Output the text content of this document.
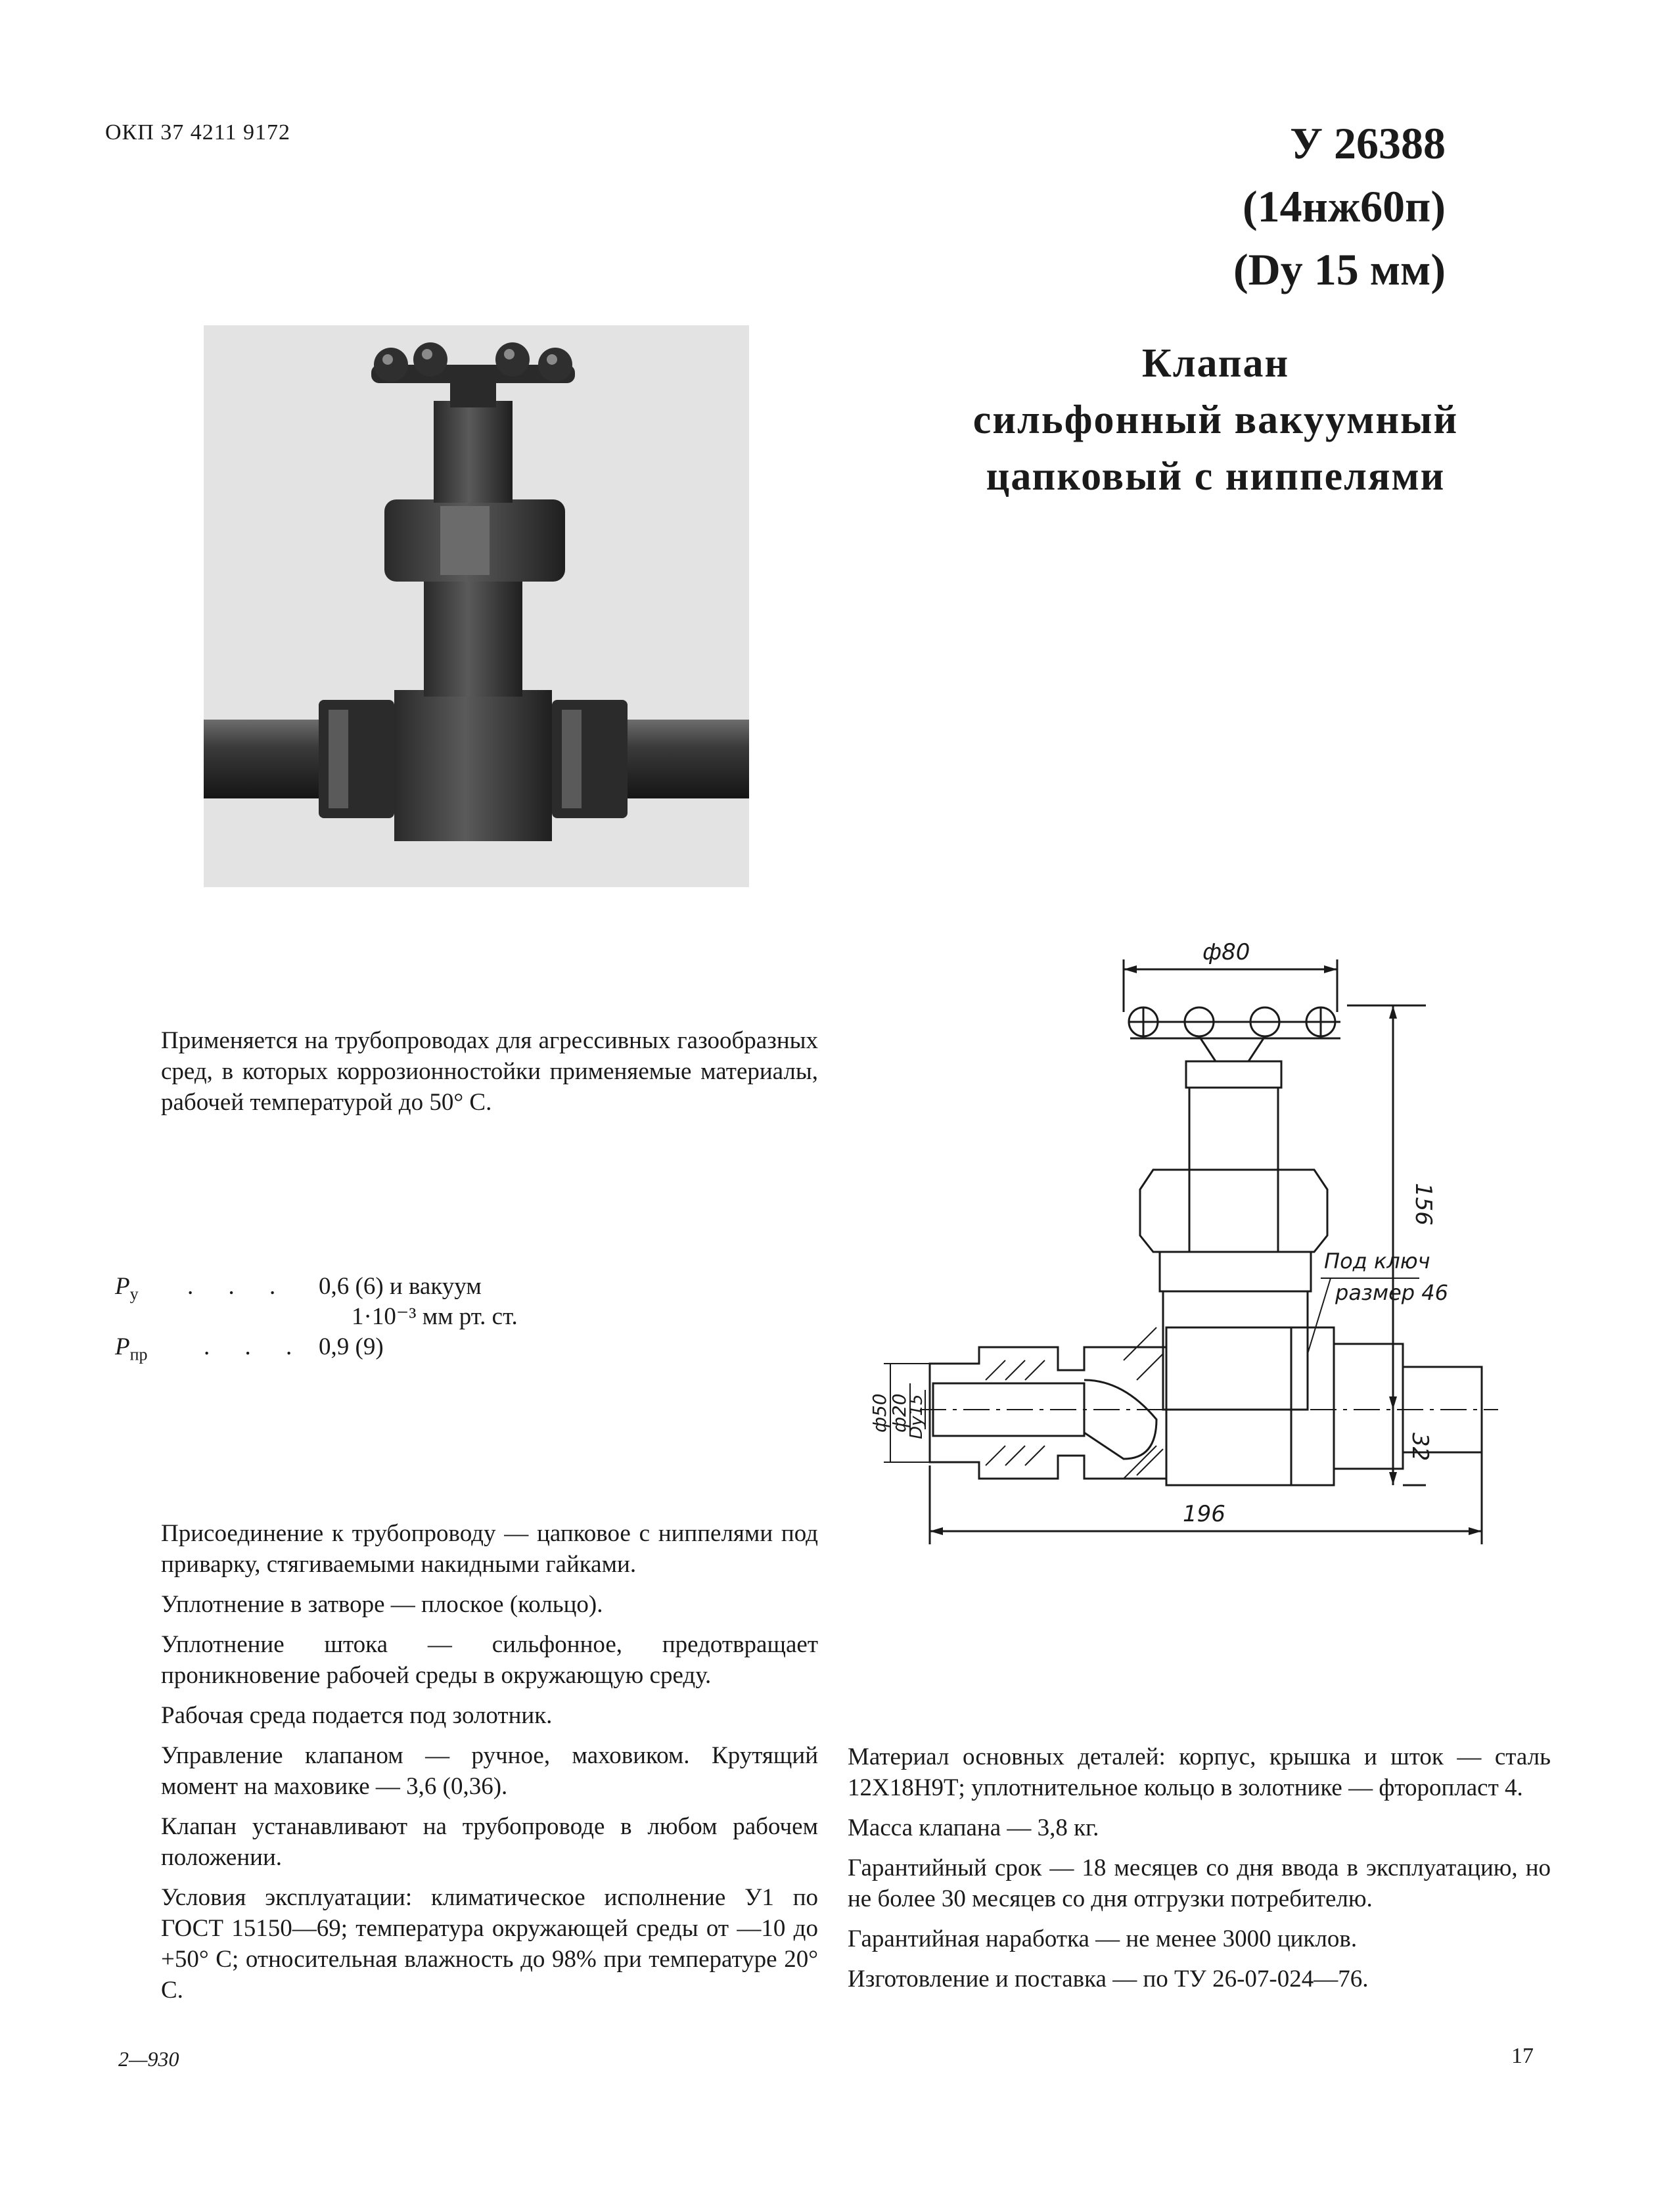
ОКП 37 4211 9172	У 26388
(14нж60п)
(Dy 15 мм)
Клапан
сильфонный вакуумный
цапковый с ниппелями

Применяется на трубопроводах для агрессивных газообразных сред, в которых коррозионностойки применяемые материалы, рабочей температурой до 50° С.

$P_у$ . . . 0,6 (6) и вакуум
1·10⁻³ мм рт. ст.
$P_{пр}$ . . . 0,9 (9)
ф80
156
32
Под ключ
размер 46
196
ф50
ф20
Dy15

Присоединение к трубопроводу — цапковое с ниппелями под приварку, стягиваемыми накидными гайками.

Уплотнение в затворе — плоское (кольцо).

Уплотнение штока — сильфонное, предотвращает проникновение рабочей среды в окружающую среду.

Рабочая среда подается под золотник.

Управление клапаном — ручное, маховиком. Крутящий момент на маховике — 3,6 (0,36).

Клапан устанавливают на трубопроводе в любом рабочем положении.

Условия эксплуатации: климатическое исполнение У1 по ГОСТ 15150—69; температура окружающей среды от —10 до +50° С; относительная влажность до 98% при температуре 20° С.

Материал основных деталей: корпус, крышка и шток — сталь 12Х18Н9Т; уплотнительное кольцо в золотнике — фторопласт 4.

Масса клапана — 3,8 кг.

Гарантийный срок — 18 месяцев со дня ввода в эксплуатацию, но не более 30 месяцев со дня отгрузки потребителю.

Гарантийная наработка — не менее 3000 циклов.

Изготовление и поставка — по ТУ 26-07-024—76.

2—930	17
